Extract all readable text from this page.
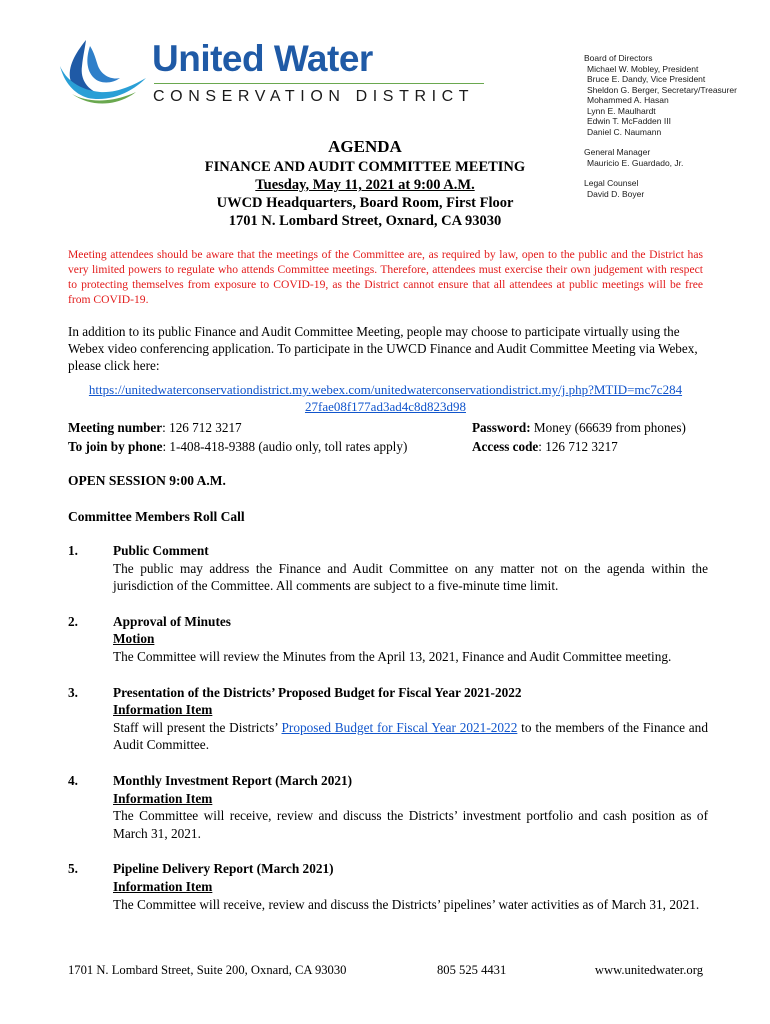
United Water
CONSERVATION DISTRICT
Board of Directors
Michael W. Mobley, President
Bruce E. Dandy, Vice President
Sheldon G. Berger, Secretary/Treasurer
Mohammed A. Hasan
Lynn E. Maulhardt
Edwin T. McFadden III
Daniel C. Naumann
General Manager
Mauricio E. Guardado, Jr.
Legal Counsel
David D. Boyer
AGENDA
FINANCE AND AUDIT COMMITTEE MEETING
Tuesday, May 11, 2021 at 9:00 A.M.
UWCD Headquarters, Board Room, First Floor
1701 N. Lombard Street, Oxnard, CA 93030
Meeting attendees should be aware that the meetings of the Committee are, as required by law, open to the public and the District has very limited powers to regulate who attends Committee meetings. Therefore, attendees must exercise their own judgement with respect to protecting themselves from exposure to COVID-19, as the District cannot ensure that all attendees at public meetings will be free from COVID-19.
In addition to its public Finance and Audit Committee Meeting, people may choose to participate virtually using the Webex video conferencing application. To participate in the UWCD Finance and Audit Committee Meeting via Webex, please click here:
https://unitedwaterconservationdistrict.my.webex.com/unitedwaterconservationdistrict.my/j.php?MTID=mc7c284
27fae08f177ad3ad4c8d823d98
Meeting number: 126 712 3217	Password: Money (66639 from phones)
To join by phone: 1-408-418-9388 (audio only, toll rates apply)	Access code: 126 712 3217
OPEN SESSION 9:00 A.M.
Committee Members Roll Call
1.	Public Comment
The public may address the Finance and Audit Committee on any matter not on the agenda within the jurisdiction of the Committee. All comments are subject to a five-minute time limit.
2.	Approval of Minutes
Motion
The Committee will review the Minutes from the April 13, 2021, Finance and Audit Committee meeting.
3.	Presentation of the Districts’ Proposed Budget for Fiscal Year 2021-2022
Information Item
Staff will present the Districts’ Proposed Budget for Fiscal Year 2021-2022 to the members of the Finance and Audit Committee.
4.	Monthly Investment Report (March 2021)
Information Item
The Committee will receive, review and discuss the Districts’ investment portfolio and cash position as of March 31, 2021.
5.	Pipeline Delivery Report (March 2021)
Information Item
The Committee will receive, review and discuss the Districts’ pipelines’ water activities as of March 31, 2021.
1701 N. Lombard Street, Suite 200, Oxnard, CA 93030	805 525 4431	www.unitedwater.org
